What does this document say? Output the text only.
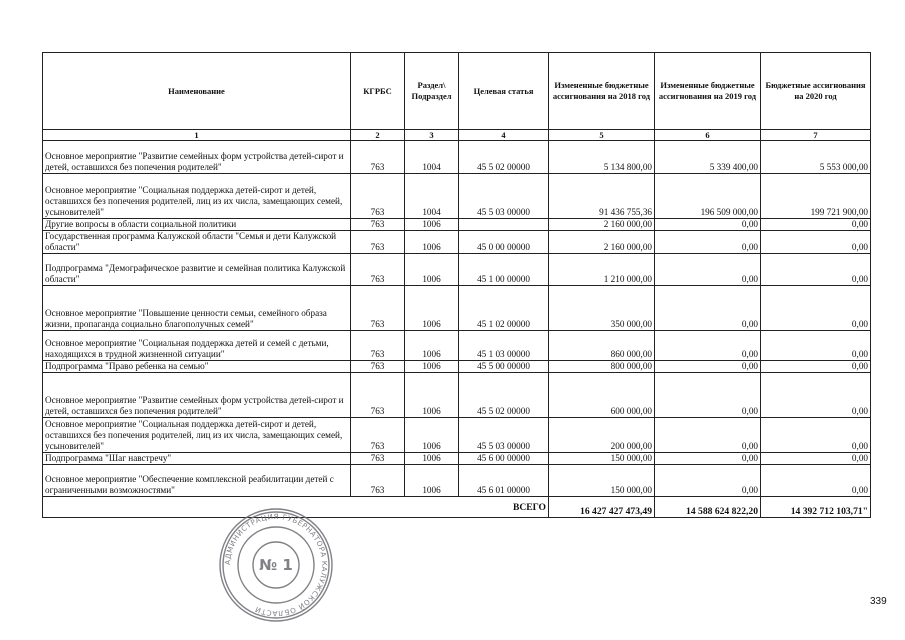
Наименование	КГРБС	Раздел\ Подраздел	Целевая статья	Измененные бюджетные ассигнования на 2018 год	Измененные бюджетные ассигнования на 2019 год	Бюджетные ассигнования на 2020 год
1	2	3	4	5	6	7
Основное мероприятие "Развитие семейных форм устройства детей-сирот и детей, оставшихся без попечения родителей"	763	1004	45 5 02 00000	5 134 800,00	5 339 400,00	5 553 000,00
Основное мероприятие "Социальная поддержка детей-сирот и детей, оставшихся без попечения родителей, лиц из их числа, замещающих семей, усыновителей"	763	1004	45 5 03 00000	91 436 755,36	196 509 000,00	199 721 900,00
Другие вопросы в области социальной политики	763	1006		2 160 000,00	0,00	0,00
Государственная программа Калужской области "Семья и дети Калужской области"	763	1006	45 0 00 00000	2 160 000,00	0,00	0,00
Подпрограмма "Демографическое развитие и семейная политика Калужской области"	763	1006	45 1 00 00000	1 210 000,00	0,00	0,00
Основное мероприятие "Повышение ценности семьи, семейного образа жизни, пропаганда социально благополучных семей"	763	1006	45 1 02 00000	350 000,00	0,00	0,00
Основное мероприятие "Социальная поддержка детей и семей с детьми, находящихся в трудной жизненной ситуации"	763	1006	45 1 03 00000	860 000,00	0,00	0,00
Подпрограмма "Право ребенка на семью"	763	1006	45 5 00 00000	800 000,00	0,00	0,00
Основное мероприятие "Развитие семейных форм устройства детей-сирот и детей, оставшихся без попечения родителей"	763	1006	45 5 02 00000	600 000,00	0,00	0,00
Основное мероприятие "Социальная поддержка детей-сирот и детей, оставшихся без попечения родителей, лиц из их числа, замещающих семей, усыновителей"	763	1006	45 5 03 00000	200 000,00	0,00	0,00
Подпрограмма "Шаг навстречу"	763	1006	45 6 00 00000	150 000,00	0,00	0,00
Основное мероприятие "Обеспечение комплексной реабилитации детей с ограниченными возможностями"	763	1006	45 6 01 00000	150 000,00	0,00	0,00
ВСЕГО				16 427 427 473,49	14 588 624 822,20	14 392 712 103,71"
АДМИНИСТРАЦИЯ ГУБЕРНАТОРА КАЛУЖСКОЙ ОБЛАСТИ
№ 1
339
